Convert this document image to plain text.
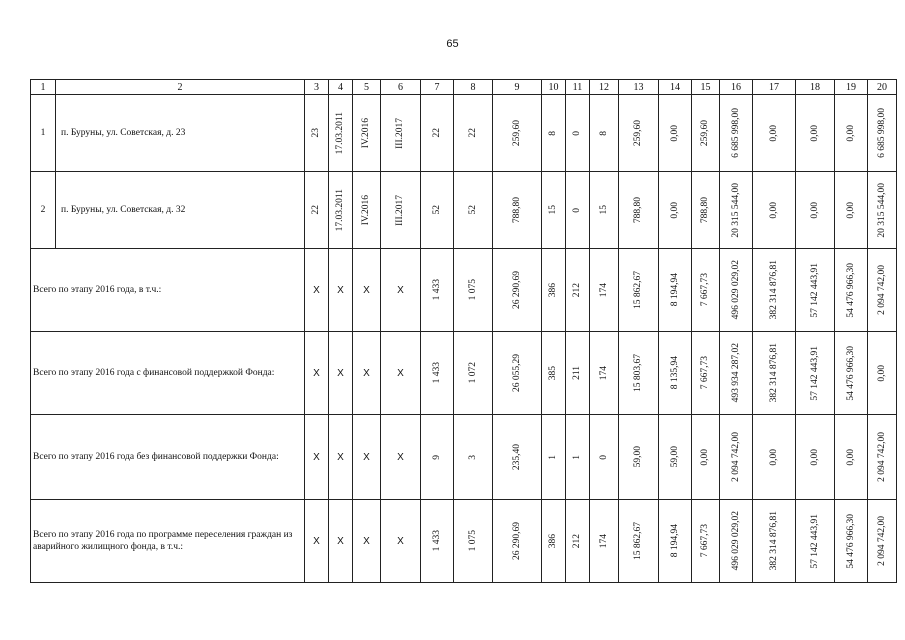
65
1	2	3	4	5	6	7	8	9	10	11	12	13	14	15	16	17	18	19	20
1	п. Буруны, ул. Советская, д. 23	23	17.03.2011	IV.2016	III.2017	22	22	259,60	8	0	8	259,60	0,00	259,60	6 685 998,00	0,00	0,00	0,00	6 685 998,00

2	п. Буруны, ул. Советская, д. 32	22	17.03.2011	IV.2016	III.2017	52	52	788,80	15	0	15	788,80	0,00	788,80	20 315 544,00	0,00	0,00	0,00	20 315 544,00

Всего по этапу 2016 года, в т.ч.:		Х	Х	Х	Х	1 433	1 075	26 290,69	386	212	174	15 862,67	8 194,94	7 667,73	496 029 029,02	382 314 876,81	57 142 443,91	54 476 966,30	2 094 742,00

Всего по этапу 2016 года с финансовой поддержкой Фонда:		Х	Х	Х	Х	1 433	1 072	26 055,29	385	211	174	15 803,67	8 135,94	7 667,73	493 934 287,02	382 314 876,81	57 142 443,91	54 476 966,30	0,00

Всего по этапу 2016 года без финансовой поддержки Фонда:		Х	Х	Х	Х	9	3	235,40	1	1	0	59,00	59,00	0,00	2 094 742,00	0,00	0,00	0,00	2 094 742,00

Всего по этапу 2016 года по программе переселения граждан из аварийного жилищного фонда, в т.ч.:		Х	Х	Х	Х	1 433	1 075	26 290,69	386	212	174	15 862,67	8 194,94	7 667,73	496 029 029,02	382 314 876,81	57 142 443,91	54 476 966,30	2 094 742,00
